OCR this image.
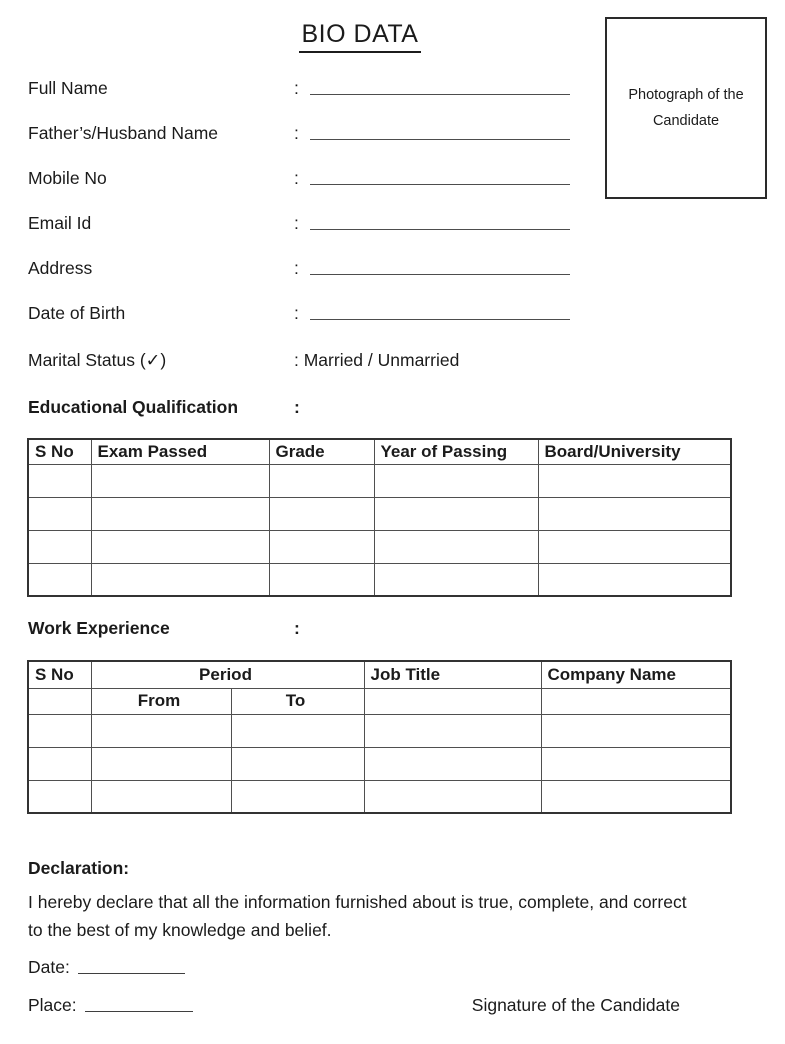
BIO DATA
Photograph of the Candidate
Full Name	:
Father’s/Husband Name	:
Mobile No	:
Email Id	:
Address	:
Date of Birth	:
Marital Status (✓)	: Married / Unmarried
Educational Qualification	:
S No	Exam Passed	Grade	Year of Passing	Board/University

Work Experience	:
S No	Period		Job Title	Company Name
	From	To		

Declaration:

I hereby declare that all the information furnished about is true, complete, and correct to the best of my knowledge and belief.

Date:
Place:	Signature of the Candidate
